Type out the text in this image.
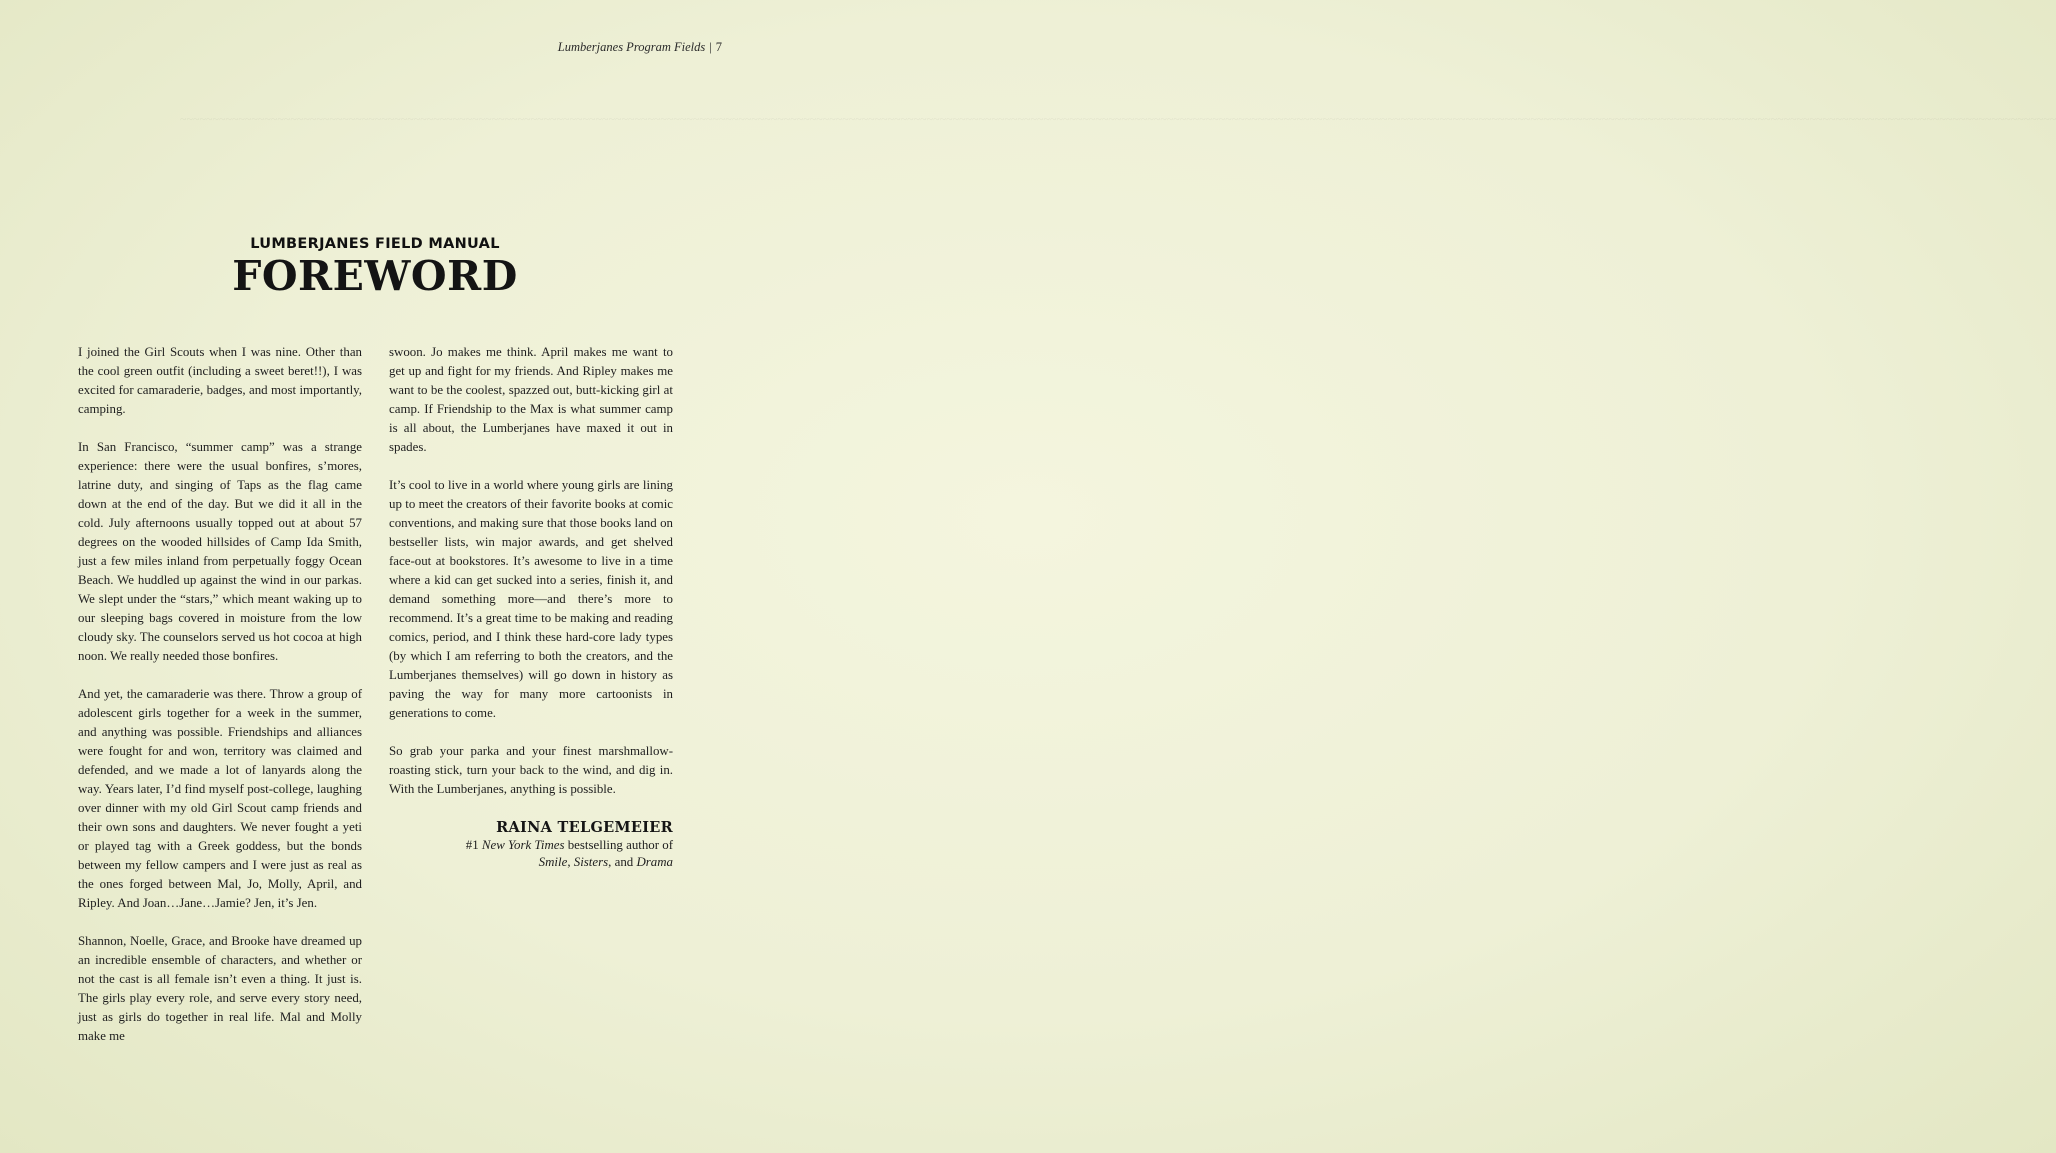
~~~~~~~~~~~~~~~~~~~~~~~~~~~~~~~~~~~~~~~~~~~~~~~~~~~~~~~~~~~~~~~~~~~~~~~~~~~~~~~~~~~~~~~~~~~~~~~~~~~~~~~~~~~~~~~~~~~~~~~~~~~~~~~~~~~~~~~~~~~~~~~~~~~~~~~~~~~~~~~~~~~~~~~~~~~~~~~~~~~~~~~~~~~~~~~~~~~~~~~~~~~~~~~~~~~~~~~~~~~~~~~~~~~~~~~~~~~~~~~~~~~~~~~~~~~~~~~~~~~~~~~~~~~~~~~~~~~~~~~~~~~~~~~~~
Lumberjanes Program Fields | 7
LUMBERJANES FIELD MANUAL
FOREWORD

I joined the Girl Scouts when I was nine. Other than the cool green outfit (including a sweet beret!!), I was excited for camaraderie, badges, and most importantly, camping.

In San Francisco, “summer camp” was a strange experience: there were the usual bonfires, s’mores, latrine duty, and singing of Taps as the flag came down at the end of the day. But we did it all in the cold. July afternoons usually topped out at about 57 degrees on the wooded hillsides of Camp Ida Smith, just a few miles inland from perpetually foggy Ocean Beach. We huddled up against the wind in our parkas. We slept under the “stars,” which meant waking up to our sleeping bags covered in moisture from the low cloudy sky. The counselors served us hot cocoa at high noon. We really needed those bonfires.

And yet, the camaraderie was there. Throw a group of adolescent girls together for a week in the summer, and anything was possible. Friendships and alliances were fought for and won, territory was claimed and defended, and we made a lot of lanyards along the way. Years later, I’d find myself post-college, laughing over dinner with my old Girl Scout camp friends and their own sons and daughters. We never fought a yeti or played tag with a Greek goddess, but the bonds between my fellow campers and I were just as real as the ones forged between Mal, Jo, Molly, April, and Ripley. And Joan…Jane…Jamie? Jen, it’s Jen.

Shannon, Noelle, Grace, and Brooke have dreamed up an incredible ensemble of characters, and whether or not the cast is all female isn’t even a thing. It just is. The girls play every role, and serve every story need, just as girls do together in real life. Mal and Molly make me

swoon. Jo makes me think. April makes me want to get up and fight for my friends. And Ripley makes me want to be the coolest, spazzed out, butt-kicking girl at camp. If Friendship to the Max is what summer camp is all about, the Lumberjanes have maxed it out in spades.

It’s cool to live in a world where young girls are lining up to meet the creators of their favorite books at comic conventions, and making sure that those books land on bestseller lists, win major awards, and get shelved face-out at bookstores. It’s awesome to live in a time where a kid can get sucked into a series, finish it, and demand something more—and there’s more to recommend. It’s a great time to be making and reading comics, period, and I think these hard-core lady types (by which I am referring to both the creators, and the Lumberjanes themselves) will go down in history as paving the way for many more cartoonists in generations to come.

So grab your parka and your finest marshmallow-roasting stick, turn your back to the wind, and dig in. With the Lumberjanes, anything is possible.

RAINA TELGEMEIER
#1 New York Times bestselling author of
Smile, Sisters, and Drama
